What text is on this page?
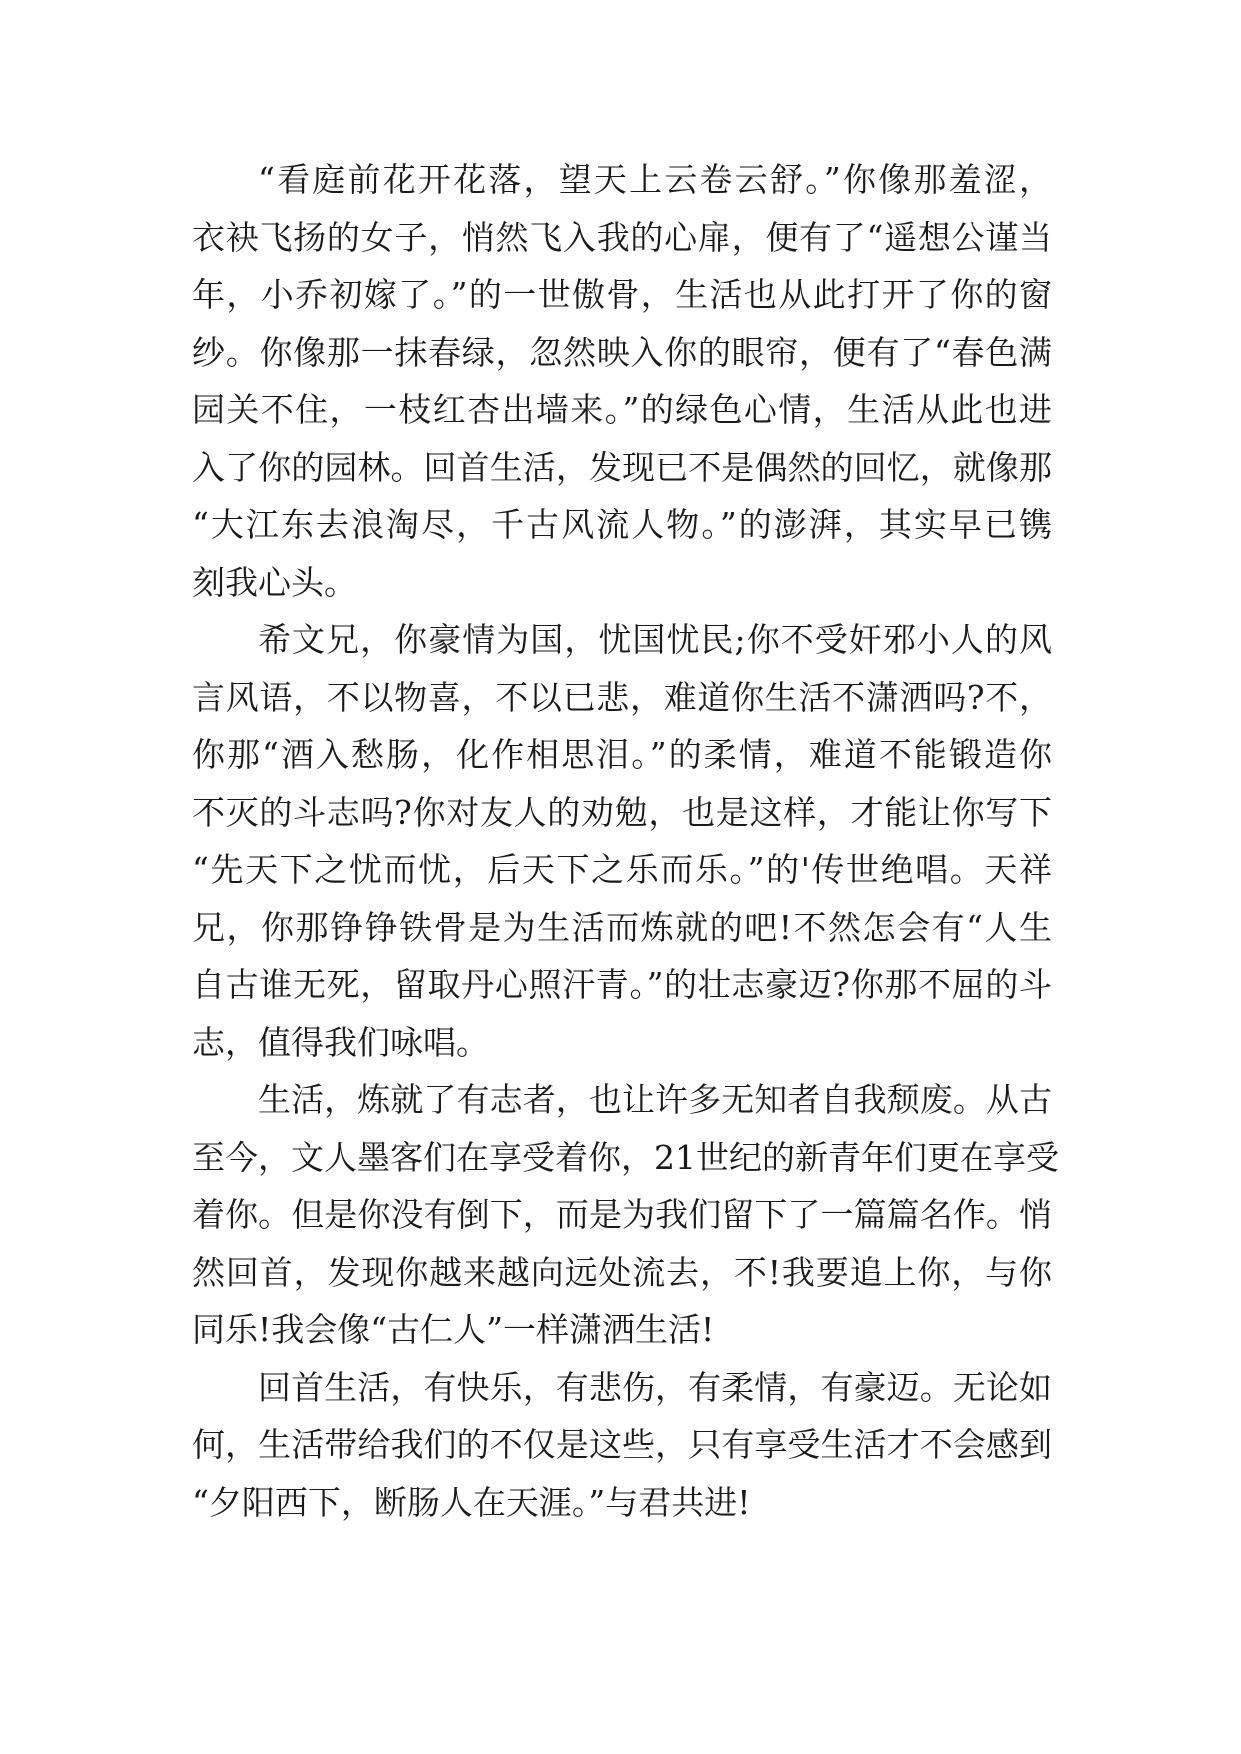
“看庭前花开花落，望天上云卷云舒。”你像那羞涩，
衣袂飞扬的女子，悄然飞入我的心扉，便有了“遥想公谨当
年，小乔初嫁了。”的一世傲骨，生活也从此打开了你的窗
纱。你像那一抹春绿，忽然映入你的眼帘，便有了“春色满
园关不住，一枝红杏出墙来。”的绿色心情，生活从此也进
入了你的园林。回首生活，发现已不是偶然的回忆，就像那
“大江东去浪淘尽，千古风流人物。”的澎湃，其实早已镌
刻我心头。
希文兄，你豪情为国，忧国忧民;你不受奸邪小人的风
言风语，不以物喜，不以已悲，难道你生活不潇洒吗?不，
你那“酒入愁肠，化作相思泪。”的柔情，难道不能锻造你
不灭的斗志吗?你对友人的劝勉，也是这样，才能让你写下
“先天下之忧而忧，后天下之乐而乐。”的'传世绝唱。天祥
兄，你那铮铮铁骨是为生活而炼就的吧!不然怎会有“人生
自古谁无死，留取丹心照汗青。”的壮志豪迈?你那不屈的斗
志，值得我们咏唱。
生活，炼就了有志者，也让许多无知者自我颓废。从古
至今，文人墨客们在享受着你，21世纪的新青年们更在享受
着你。但是你没有倒下，而是为我们留下了一篇篇名作。悄
然回首，发现你越来越向远处流去，不!我要追上你，与你
同乐!我会像“古仁人”一样潇洒生活!
回首生活，有快乐，有悲伤，有柔情，有豪迈。无论如
何，生活带给我们的不仅是这些，只有享受生活才不会感到
“夕阳西下，断肠人在天涯。”与君共进!
